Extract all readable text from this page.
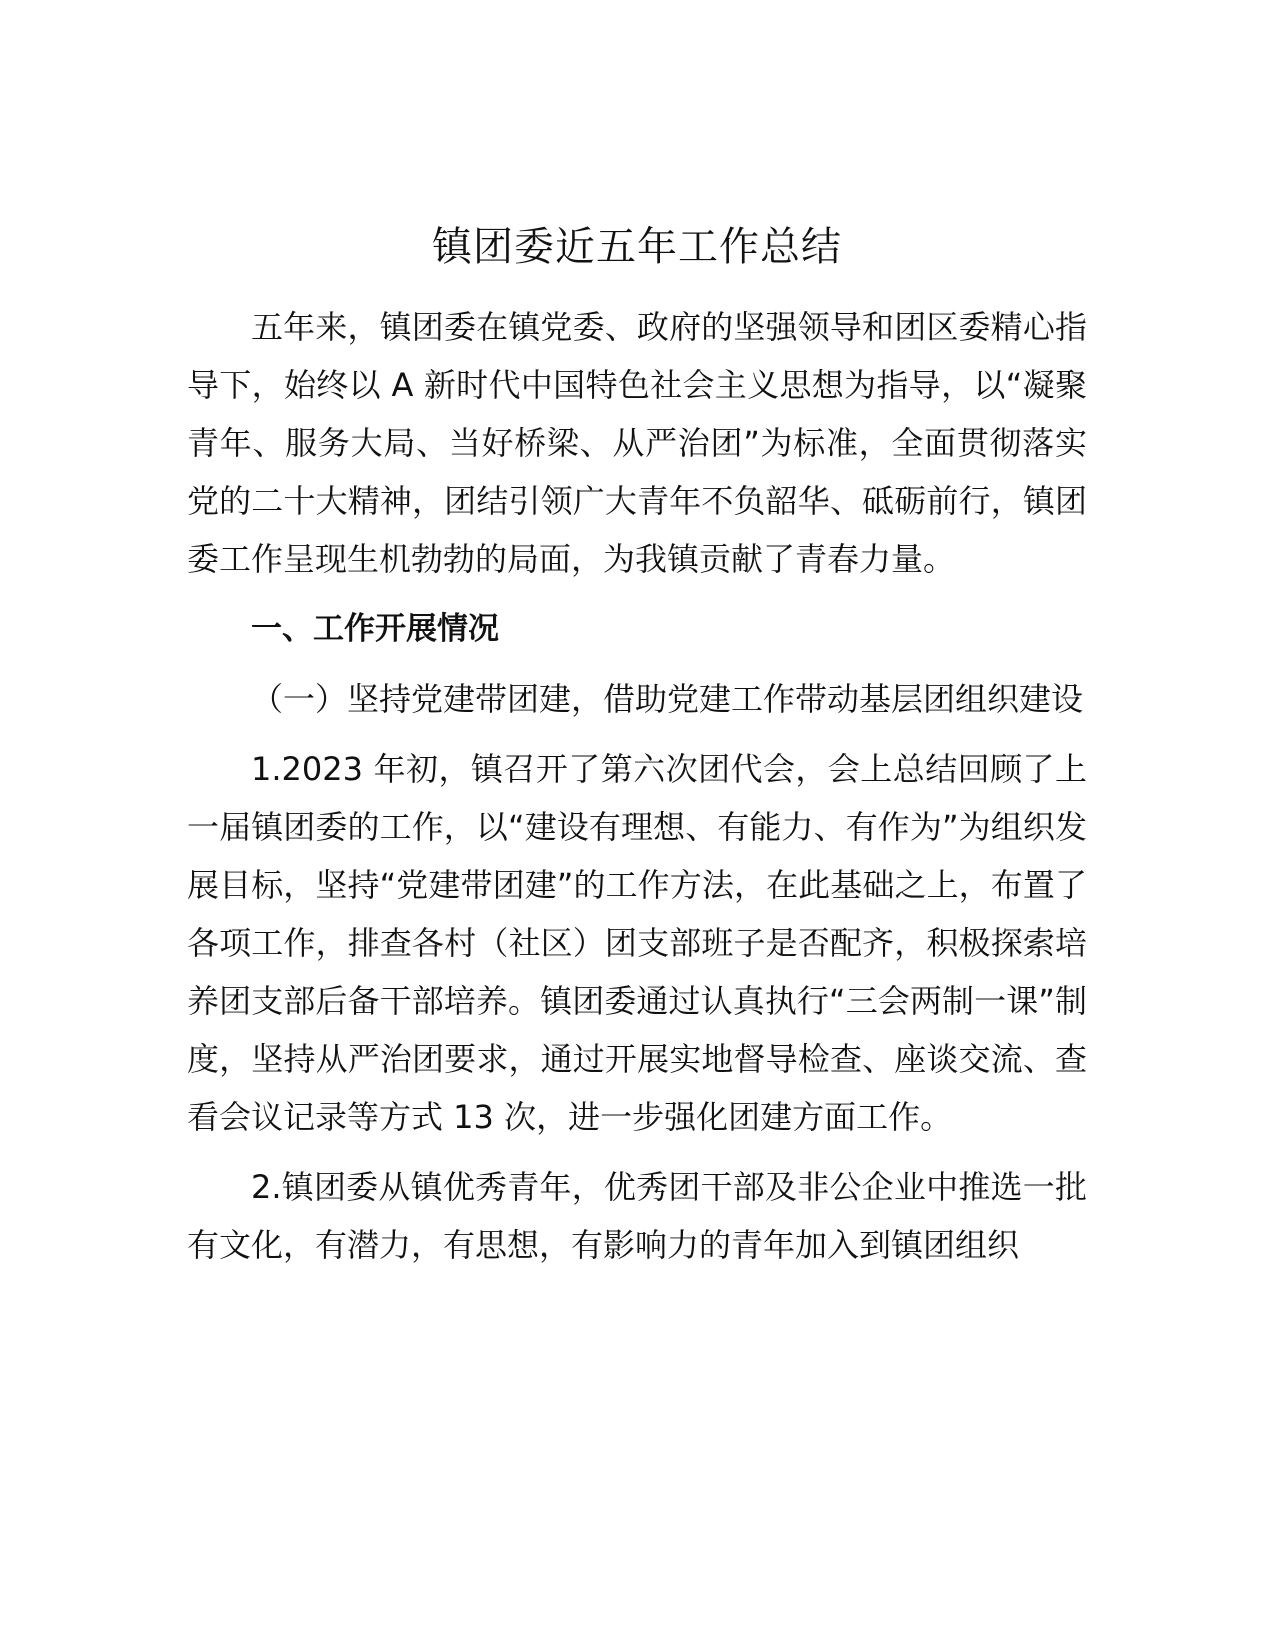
镇团委近五年工作总结

五年来，镇团委在镇党委、政府的坚强领导和团区委精心指导下，始终以 A 新时代中国特色社会主义思想为指导，以“凝聚青年、服务大局、当好桥梁、从严治团”为标准，全面贯彻落实党的二十大精神，团结引领广大青年不负韶华、砥砺前行，镇团委工作呈现生机勃勃的局面，为我镇贡献了青春力量。

一、工作开展情况

（一）坚持党建带团建，借助党建工作带动基层团组织建设

1.2023 年初，镇召开了第六次团代会，会上总结回顾了上一届镇团委的工作，以“建设有理想、有能力、有作为”为组织发展目标，坚持“党建带团建”的工作方法，在此基础之上，布置了各项工作，排查各村（社区）团支部班子是否配齐，积极探索培养团支部后备干部培养。镇团委通过认真执行“三会两制一课”制度，坚持从严治团要求，通过开展实地督导检查、座谈交流、查看会议记录等方式 13 次，进一步强化团建方面工作。

2.镇团委从镇优秀青年，优秀团干部及非公企业中推选一批有文化，有潜力，有思想，有影响力的青年加入到镇团组织
